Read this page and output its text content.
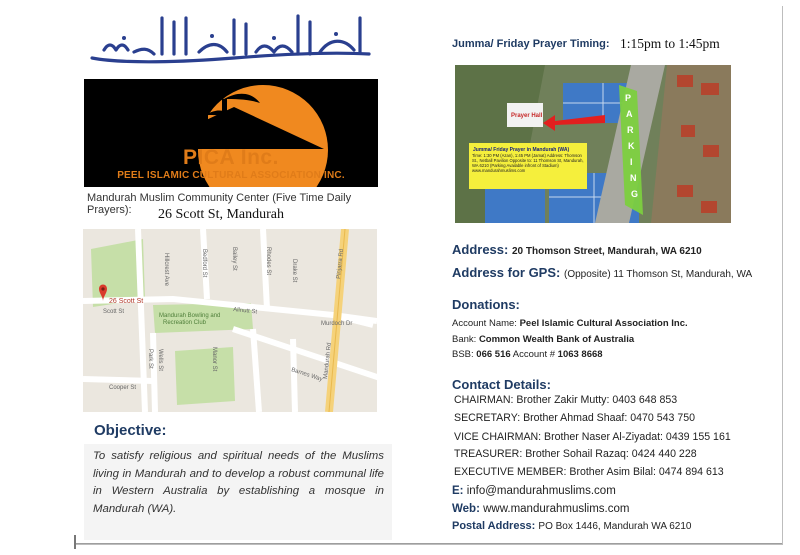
PICA Inc.
PEEL ISLAMIC CULTURAL ASSOCIATION INC.
Mandurah Muslim Community Center (Five Time Daily Prayers):	26 Scott St, Mandurah
Allnutt St
Scott St
Murdoch Dr
Cooper St
Barnes Way Mandurah Rd
Pinjarra Rd
Park St Wells St
Bedford St	Bailey St	Rhodes St	Drake St
Hillcrest Ave
Manor St
Mandurah Bowling and
Recreation Club
26 Scott St
Objective:
To satisfy religious and spiritual needs of the Muslims living in Mandurah and to develop a robust communal life in Western Australia by establishing a mosque in Mandurah (WA).
Jumma/ Friday Prayer Timing: 1:15pm to 1:45pm
Prayer Hall
P
A
R
K
I
N
G
Jumma/ Friday Prayer in Mandurah (WA)
Time: 1:30 PM (Azan), 1:45 PM (Jamat) Address: Thomson St., Netball Pavilion Opposite to: 11 Thomson St, Mandurah, WA 6210 (Parking Available infront of Stadium) www.mandurahmuslims.com
Address: 20 Thomson Street, Mandurah, WA 6210
Address for GPS: (Opposite) 11 Thomson St, Mandurah, WA
Donations:
Account Name: Peel Islamic Cultural Association Inc.
Bank: Common Wealth Bank of Australia
BSB: 066 516 Account # 1063 8668
Contact Details:
CHAIRMAN: Brother Zakir Mutty: 0403 648 853
SECRETARY: Brother Ahmad Shaaf: 0470 543 750
VICE CHAIRMAN: Brother Naser Al-Ziyadat: 0439 155 161
TREASURER: Brother Sohail Razaq: 0424 440 228
EXECUTIVE MEMBER: Brother Asim Bilal: 0474 894 613
E: info@mandurahmuslims.com
Web: www.mandurahmuslims.com
Postal Address: PO Box 1446, Mandurah WA 6210
